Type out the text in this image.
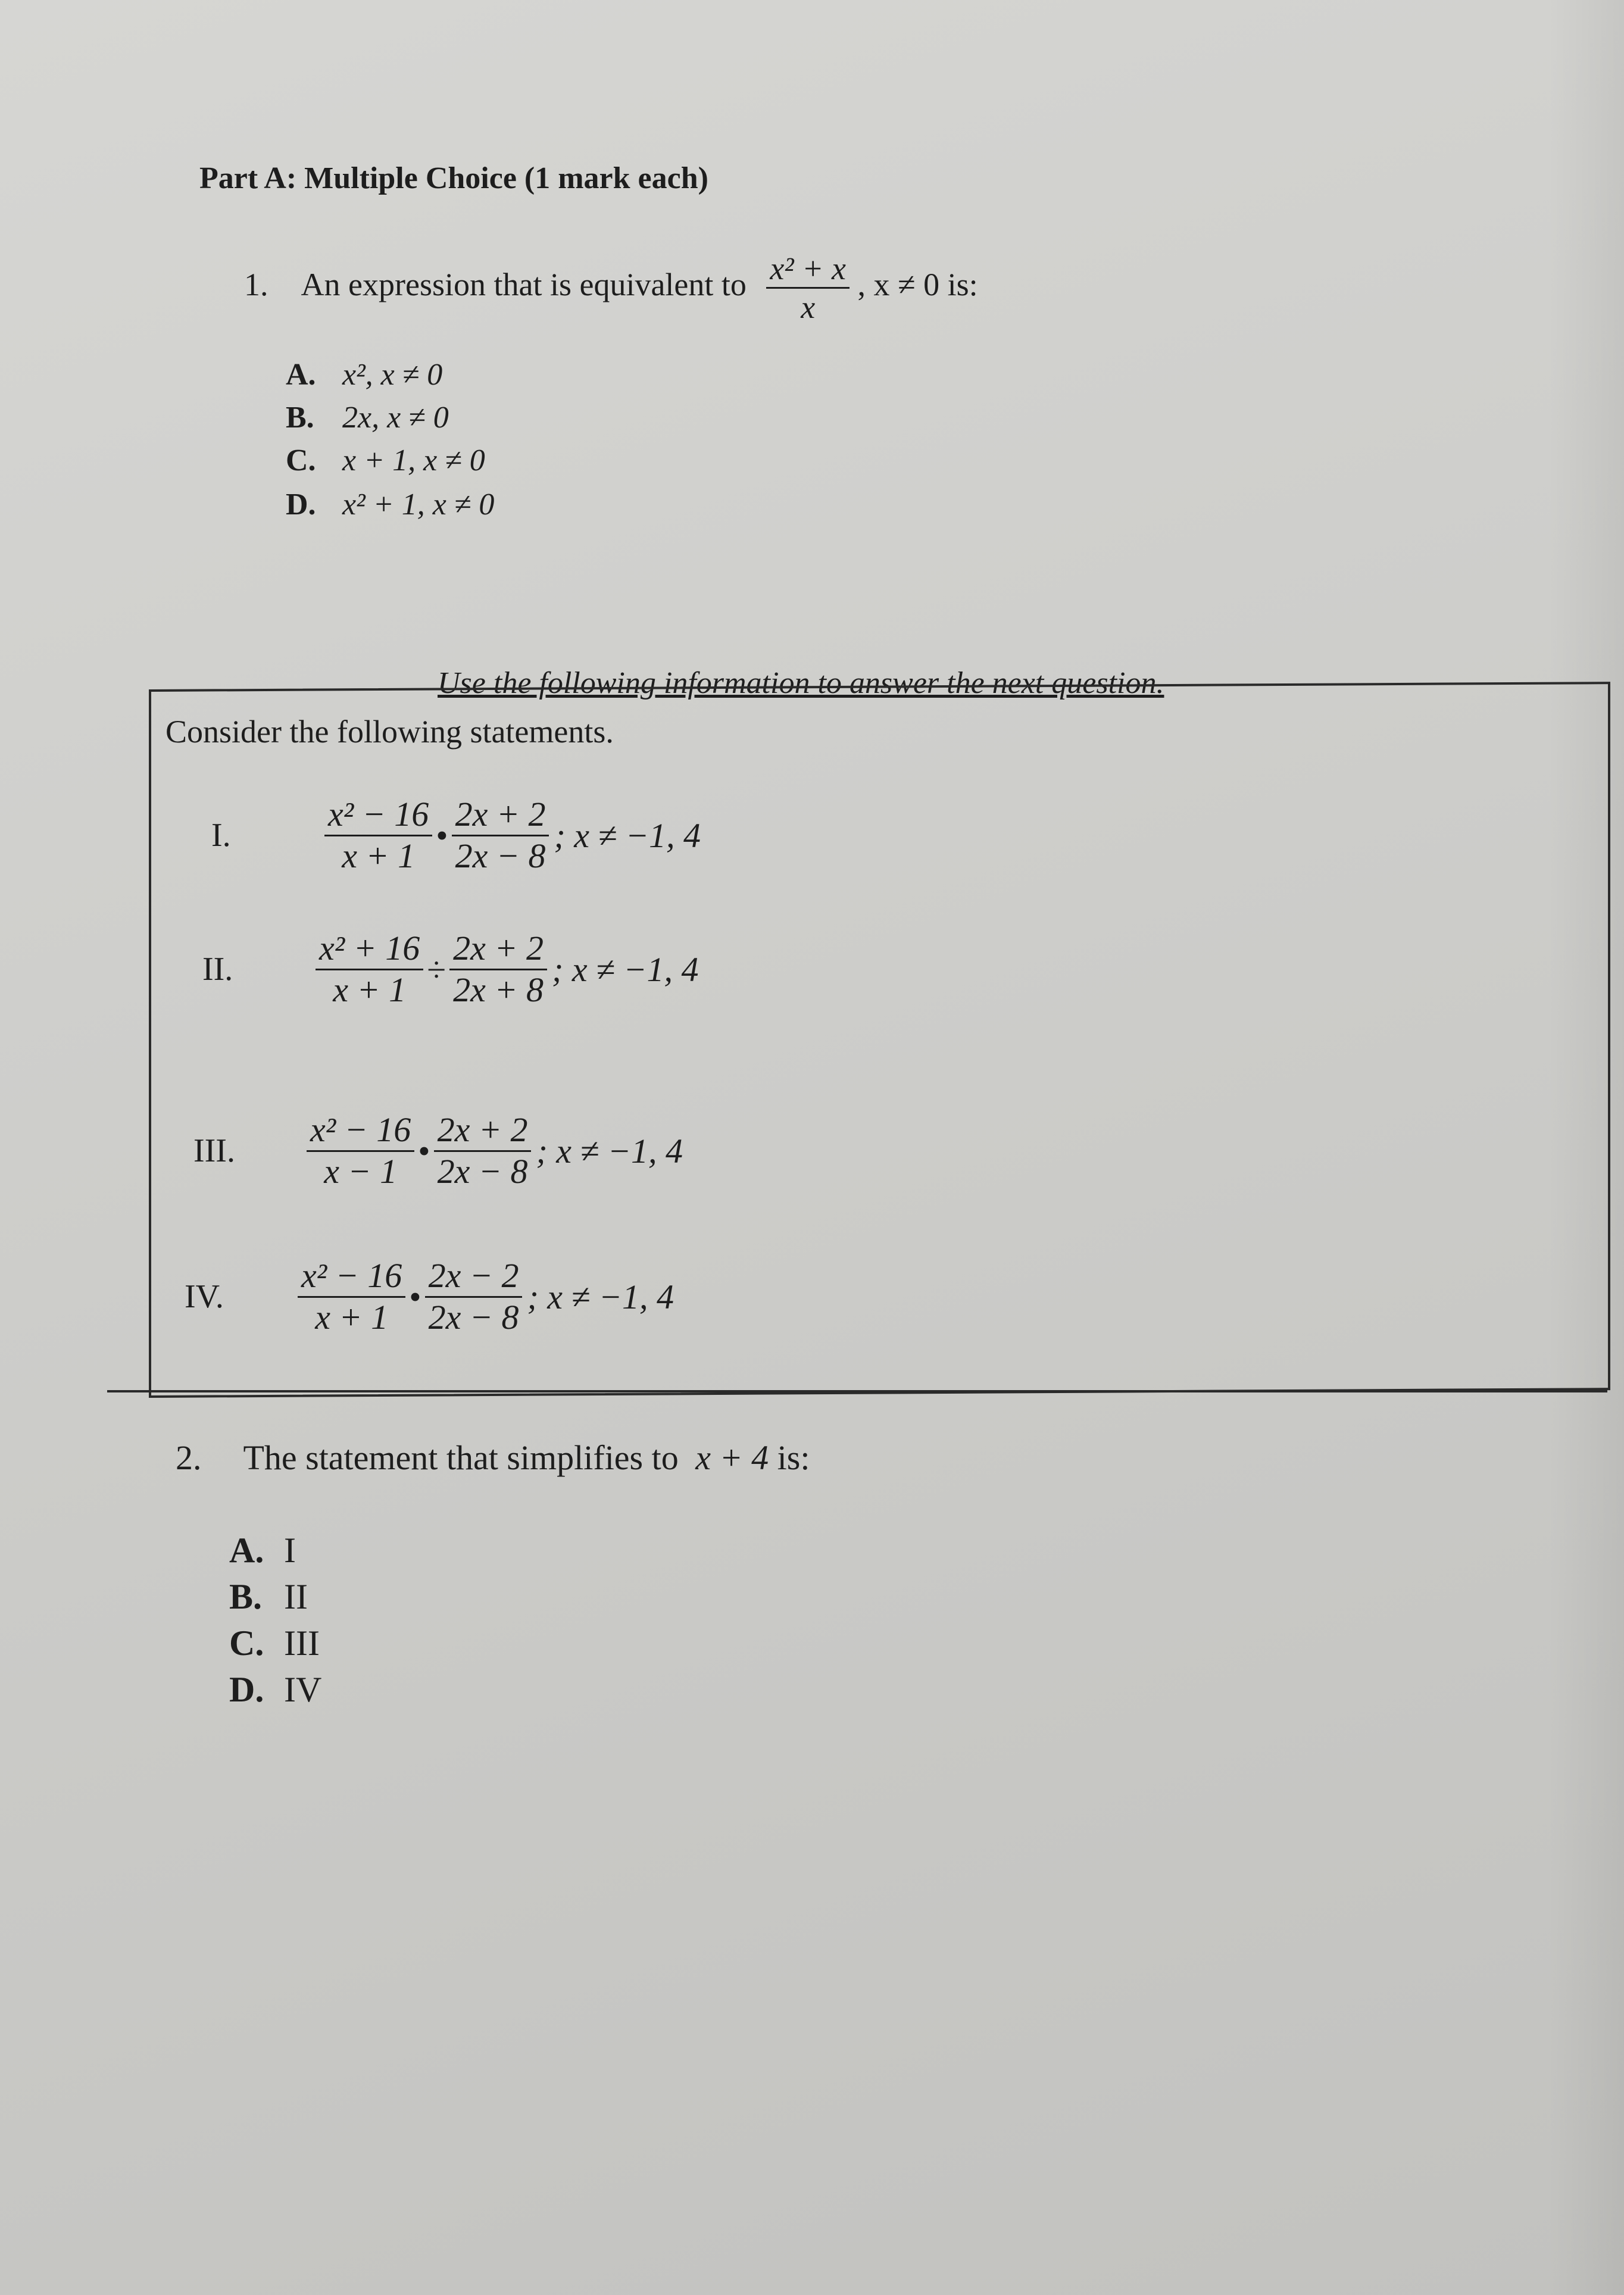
Part A: Multiple Choice (1 mark each)
1. An expression that is equivalent to $\frac{\text{x² + x}}{x}$ , x ≠ 0 is:
A. x², x ≠ 0
B. 2x, x ≠ 0
C. x + 1, x ≠ 0
D. x² + 1, x ≠ 0
Use the following information to answer the next question.
Consider the following statements.
I.	$\frac{\text{x² − 16}}{x + 1}$ • $\frac{2x + 2}{2x - 8}$ ; x ≠ −1, 4
II.	$\frac{\text{x² + 16}}{x + 1} \div \frac{2x + 2}{2x + 8}$ ; x ≠ −1, 4
III.	$\frac{\text{x² − 16}}{x - 1}$ • $\frac{2x + 2}{2x - 8}$ ; x ≠ −1, 4
IV.	$\frac{\text{x² − 16}}{x + 1}$ • $\frac{2x - 2}{2x - 8}$ ; x ≠ −1, 4
2. The statement that simplifies to x + 4 is:
A. I
B. II
C. III
D. IV
